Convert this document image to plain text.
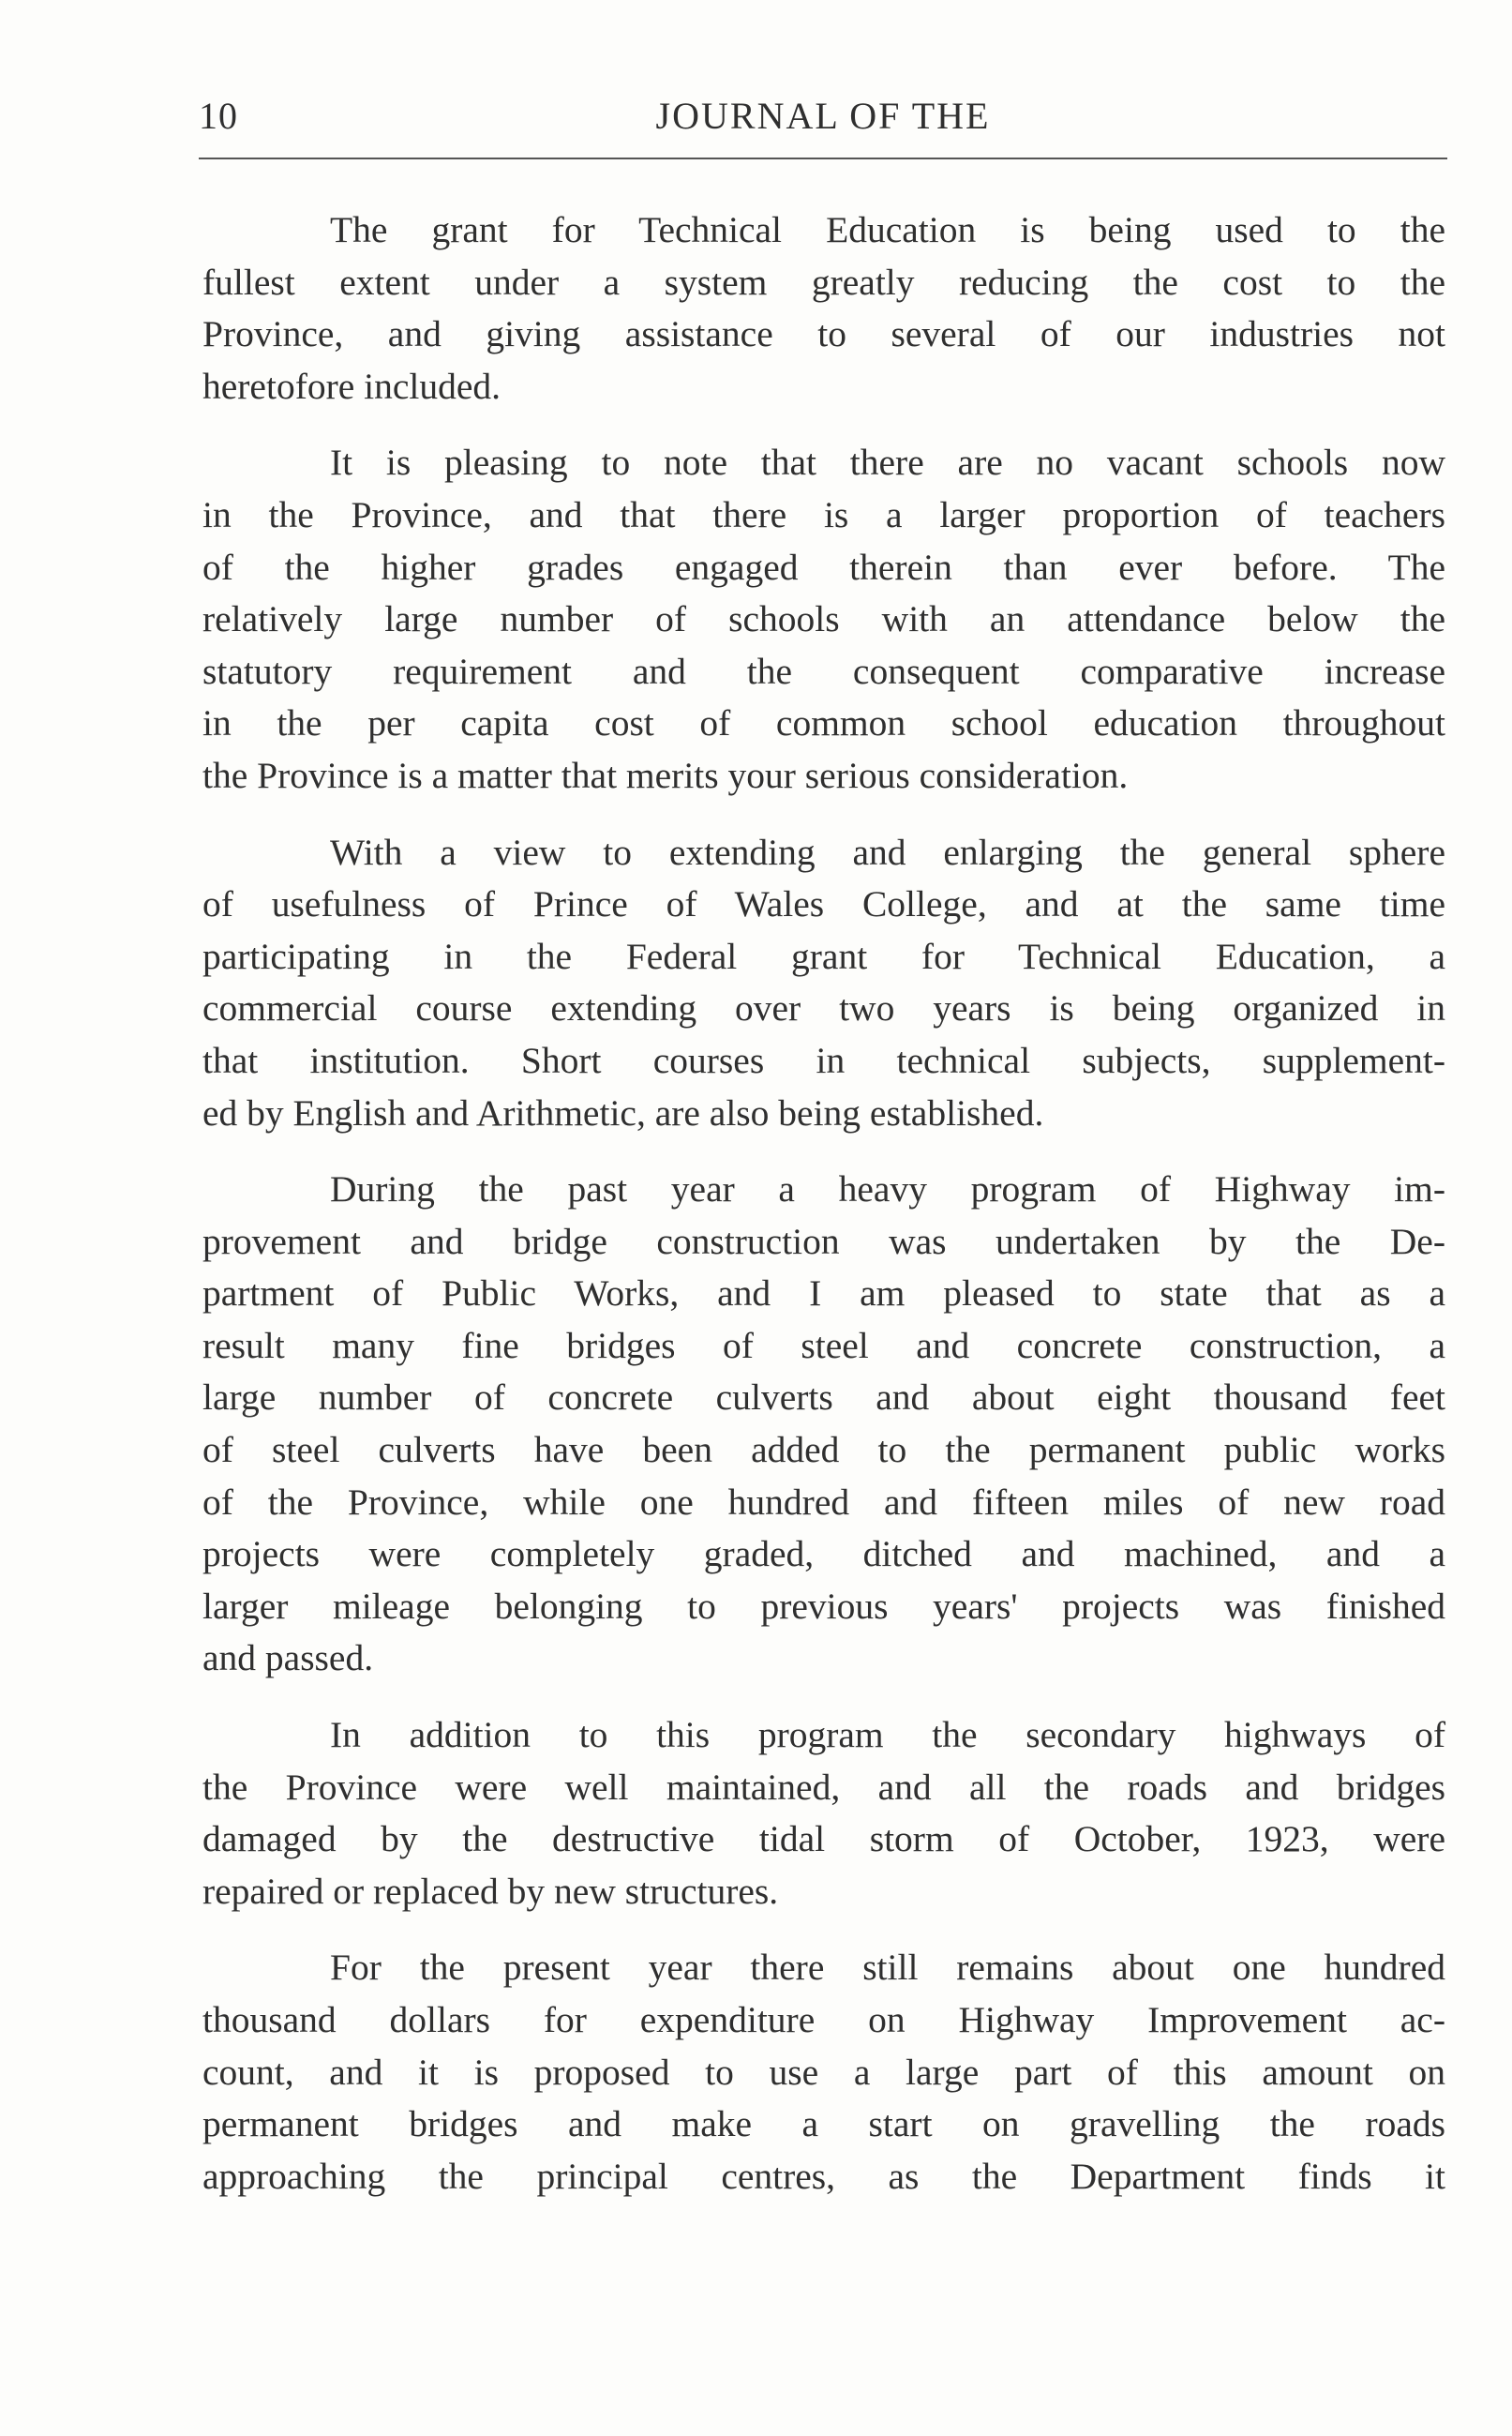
10	JOURNAL OF THE

The grant for Technical Education is being used to the
fullest extent under a system greatly reducing the cost to the
Province, and giving assistance to several of our industries not
heretofore included.

It is pleasing to note that there are no vacant schools now
in the Province, and that there is a larger proportion of teachers
of the higher grades engaged therein than ever before. The
relatively large number of schools with an attendance below the
statutory requirement and the consequent comparative increase
in the per capita cost of common school education throughout
the Province is a matter that merits your serious consideration.

With a view to extending and enlarging the general sphere
of usefulness of Prince of Wales College, and at the same time
participating in the Federal grant for Technical Education, a
commercial course extending over two years is being organized in
that institution. Short courses in technical subjects, supplement-
ed by English and Arithmetic, are also being established.

During the past year a heavy program of Highway im-
provement and bridge construction was undertaken by the De-
partment of Public Works, and I am pleased to state that as a
result many fine bridges of steel and concrete construction, a
large number of concrete culverts and about eight thousand feet
of steel culverts have been added to the permanent public works
of the Province, while one hundred and fifteen miles of new road
projects were completely graded, ditched and machined, and a
larger mileage belonging to previous years' projects was finished
and passed.

In addition to this program the secondary highways of
the Province were well maintained, and all the roads and bridges
damaged by the destructive tidal storm of October, 1923, were
repaired or replaced by new structures.

For the present year there still remains about one hundred
thousand dollars for expenditure on Highway Improvement ac-
count, and it is proposed to use a large part of this amount on
permanent bridges and make a start on gravelling the roads
approaching the principal centres, as the Department finds it
